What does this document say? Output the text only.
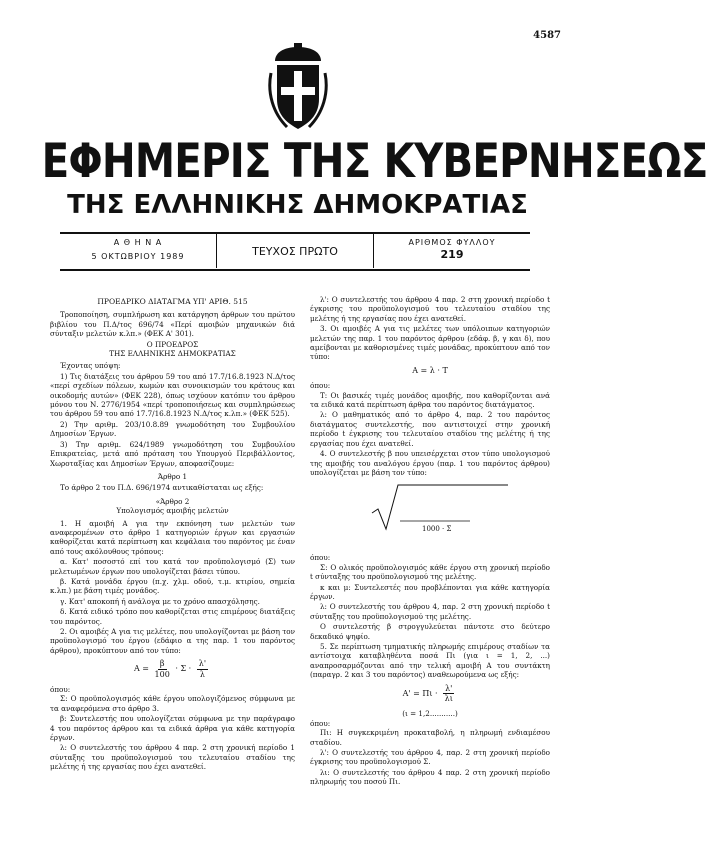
4587
ΕΦΗΜΕΡΙΣ ΤΗΣ ΚΥΒΕΡΝΗΣΕΩΣ
ΤΗΣ ΕΛΛΗΝΙΚΗΣ ΔΗΜΟΚΡΑΤΙΑΣ
Α Θ Η Ν Α
5 ΟΚΤΩΒΡΙΟΥ 1989	ΤΕΥΧΟΣ ΠΡΩΤΟ
ΑΡΙΘΜΟΣ ΦΥΛΛΟΥ
219
ΠΡΟΕΔΡΙΚΟ ΔΙΑΤΑΓΜΑ ΥΠ' ΑΡΙΘ. 515

Τροποποίηση, συμπλήρωση και κατάργηση άρθρων του πρώτου βιβλίου του Π.Δ/τος 696/74 «Περί αμοιβών μηχανικών διά σύνταξιν μελετών κ.λπ.» (ΦΕΚ Α' 301).

Ο ΠΡΟΕΔΡΟΣ
ΤΗΣ ΕΛΛΗΝΙΚΗΣ ΔΗΜΟΚΡΑΤΙΑΣ

Έχοντας υπόψη:

1) Τις διατάξεις του άρθρου 59 του από 17.7/16.8.1923 Ν.Δ/τος «περί σχεδίων πόλεων, κωμών και συνοικισμών του κράτους και οικοδομής αυτών» (ΦΕΚ 228), όπως ισχύουν κατόπιν του άρθρου μόνου του Ν. 2776/1954 «περί τροποποιήσεως και συμπληρώσεως του άρθρου 59 του από 17.7/16.8.1923 Ν.Δ/τος κ.λπ.» (ΦΕΚ 525).

2) Την αριθμ. 203/10.8.89 γνωμοδότηση του Συμβουλίου Δημοσίων Έργων.

3) Την αριθμ. 624/1989 γνωμοδότηση του Συμβουλίου Επικρατείας, μετά από πρόταση του Υπουργού Περιβάλλοντος, Χωροταξίας και Δημοσίων Έργων, αποφασίζουμε:

Άρθρο 1

Το άρθρο 2 του Π.Δ. 696/1974 αντικαθίσταται ως εξής:

«Άρθρο 2
Υπολογισμός αμοιβής μελετών

1. Η αμοιβή Α για την εκπόνηση των μελετών των αναφερομένων στο άρθρο 1 κατηγοριών έργων και εργασιών καθορίζεται κατά περίπτωση και κεφάλαια του παρόντος με έναν από τους ακόλουθους τρόπους:

α. Κατ' ποσοστό επί του κατά τον προϋπολογισμό (Σ) των μελετωμένων έργων που υπολογίζεται βάσει τύπου.

β. Κατά μονάδα έργου (π.χ. χλμ. οδού, τ.μ. κτιρίου, σημεία κ.λπ.) με βάση τιμές μονάδος.

γ. Κατ' αποκοπή ή ανάλογα με το χρόνο απασχόλησης.

δ. Κατά ειδικό τρόπο που καθορίζεται στις επιμέρους διατάξεις του παρόντος.

2. Οι αμοιβές Α για τις μελέτες, που υπολογίζονται με βάση τον προϋπολογισμό του έργου (εδάφιο α της παρ. 1 του παρόντος άρθρου), προκύπτουν από τον τύπο:

$A = \frac{\beta}{100} \cdot \Sigma \cdot \frac{\lambda'}{\lambda}$
όπου:

Σ: Ο προϋπολογισμός κάθε έργου υπολογιζόμενος σύμφωνα με τα αναφερόμενα στο άρθρο 3.

β: Συντελεστής που υπολογίζεται σύμφωνα με την παράγραφο 4 του παρόντος άρθρου και τα ειδικά άρθρα για κάθε κατηγορία έργων.

λ: Ο συντελεστής του άρθρου 4 παρ. 2 στη χρονική περίοδο 1 σύνταξης του προϋπολογισμού του τελευταίου σταδίου της μελέτης ή της εργασίας που έχει ανατεθεί.

λ': Ο συντελεστής του άρθρου 4 παρ. 2 στη χρονική περίοδο t έγκρισης του προϋπολογισμού του τελευταίου σταδίου της μελέτης ή της εργασίας που έχει ανατεθεί.

3. Οι αμοιβές Α για τις μελέτες των υπόλοιπων κατηγοριών μελετών της παρ. 1 του παρόντος άρθρου (εδάφ. β, γ και δ), που αμείβονται με καθορισμένες τιμές μονάδας, προκύπτουν από τον τύπο:

A = λ · T
όπου:

Τ: Οι βασικές τιμές μονάδος αμοιβής, που καθορίζονται ανά τα ειδικά κατά περίπτωση άρθρα του παρόντος διατάγματος.

λ: Ο μαθηματικός από το άρθρο 4, παρ. 2 του παρόντος διατάγματος συντελεστής, που αντιστοιχεί στην χρονική περίοδο t έγκρισης του τελευταίου σταδίου της μελέτης ή της εργασίας που έχει ανατεθεί.

4. Ο συντελεστής β που υπεισέρχεται στον τύπο υπολογισμού της αμοιβής του αναλόγου έργου (παρ. 1 του παρόντος άρθρου) υπολογίζεται με βάση τον τύπο:

1000 · Σ
όπου:

Σ: Ο ολικός προϋπολογισμός κάθε έργου στη χρονική περίοδο t σύνταξης του προϋπολογισμού της μελέτης.

κ και μ: Συντελεστές που προβλέπονται για κάθε κατηγορία έργων.

λ: Ο συντελεστής του άρθρου 4, παρ. 2 στη χρονική περίοδο t σύνταξης του προϋπολογισμού της μελέτης.

Ο συντελεστής β στρογγυλεύεται πάντοτε στο δεύτερο δεκαδικό ψηφίο.

5. Σε περίπτωση τμηματικής πληρωμής επιμέρους σταδίων τα αντίστοιχα καταβληθέντα ποσά Πι (για ι = 1, 2, ...) αναπροσαρμόζονται από την τελική αμοιβή Α του συντάκτη (παραγρ. 2 και 3 του παρόντος) αναθεωρούμενα ως εξής:

$A' = \Pi\iota \cdot \frac{\lambda'}{\lambda\iota}$
(ι = 1,2...........)
όπου:

Πι: Η συγκεκριμένη προκαταβολή, η πληρωμή ενδιαμέσου σταδίου.

λ': Ο συντελεστής του άρθρου 4, παρ. 2 στη χρονική περίοδο έγκρισης του προϋπολογισμού Σ.

λι: Ο συντελεστής του άρθρου 4 παρ. 2 στη χρονική περίοδο πληρωμής του ποσού Πι.
